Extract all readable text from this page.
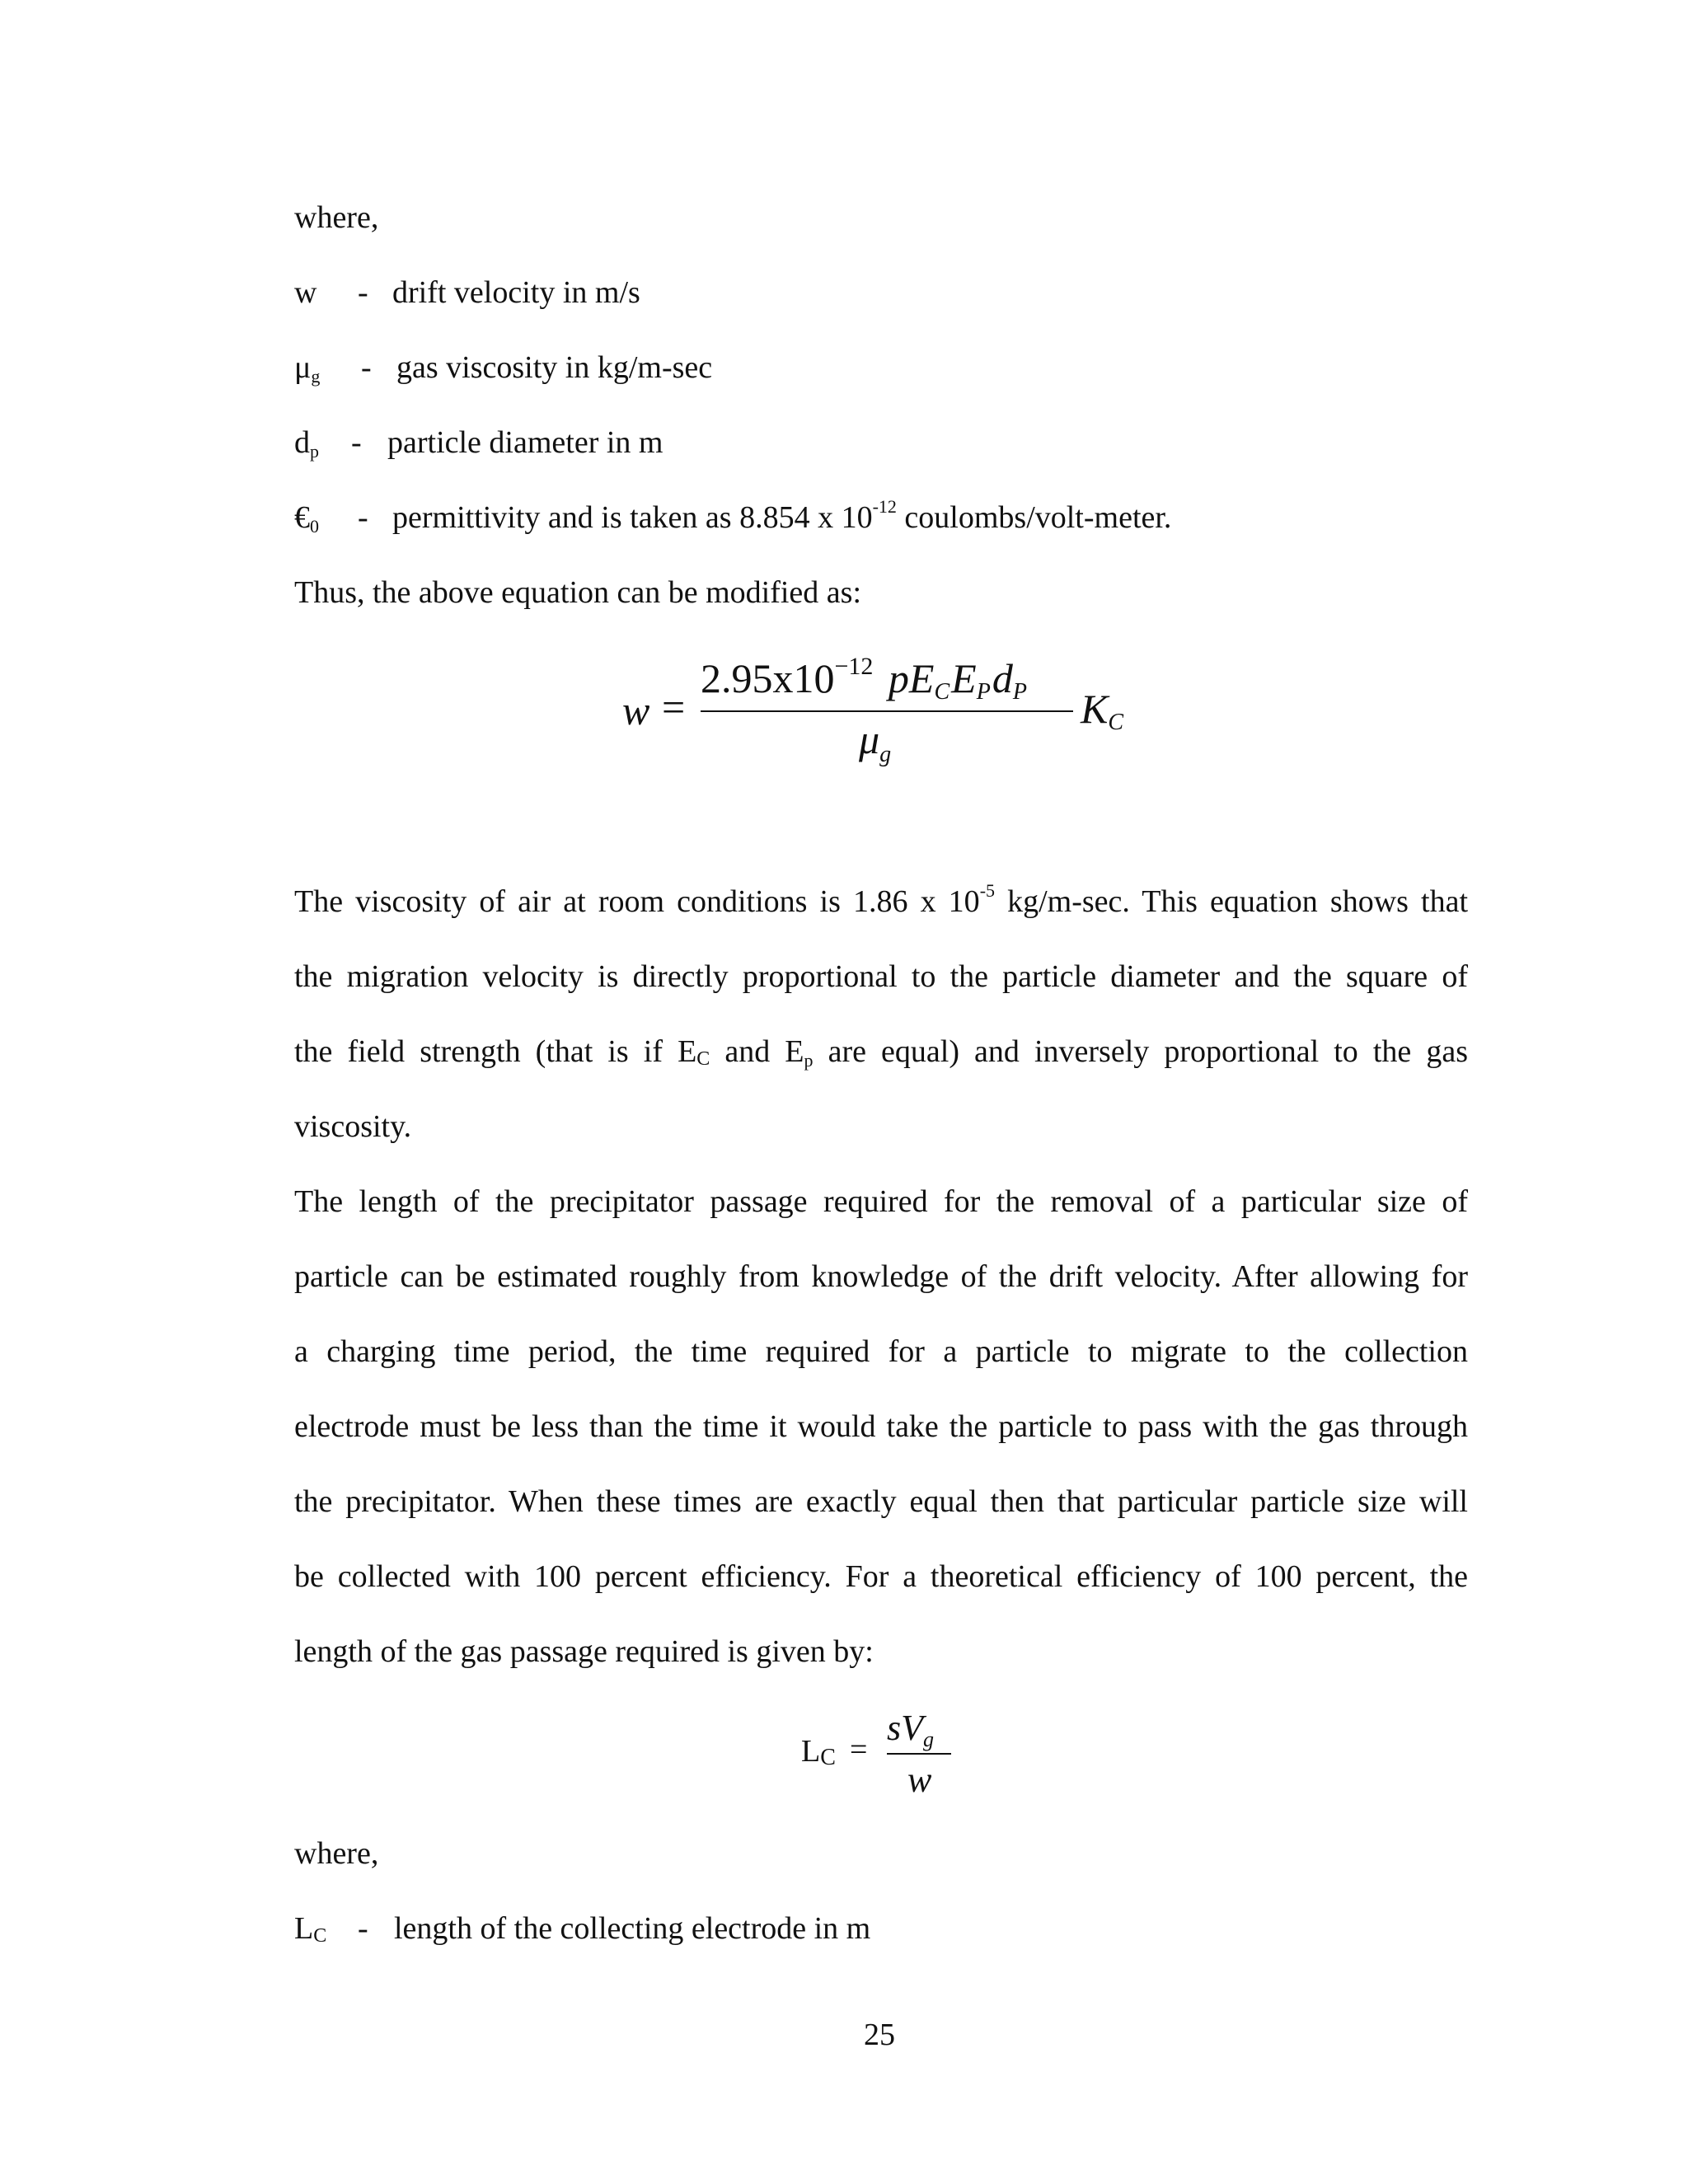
where,
w - drift velocity in m/s
$\mu_g$ - gas viscosity in kg/m-sec
$d_p$ - particle diameter in m
$€_0$ - permittivity and is taken as 8.854 x $10^{-12}$ coulombs/volt-meter.
Thus, the above equation can be modified as:
w =
$2.95x10^{-12}$ $pE_CE_Pd_P$
$\mu_g$
$K_C$
The viscosity of air at room conditions is 1.86 x $10^{-5}$ kg/m-sec. This equation shows that
the migration velocity is directly proportional to the particle diameter and the square of
the field strength (that is if $E_C$ and $E_p$ are equal) and inversely proportional to the gas
viscosity.
The length of the precipitator passage required for the removal of a particular size of
particle can be estimated roughly from knowledge of the drift velocity. After allowing for
a charging time period, the time required for a particle to migrate to the collection
electrode must be less than the time it would take the particle to pass with the gas through
the precipitator. When these times are exactly equal then that particular particle size will
be collected with 100 percent efficiency. For a theoretical efficiency of 100 percent, the
length of the gas passage required is given by:
$L_C$ =
$sV_g$
w
where,
$L_C$ - length of the collecting electrode in m
25
